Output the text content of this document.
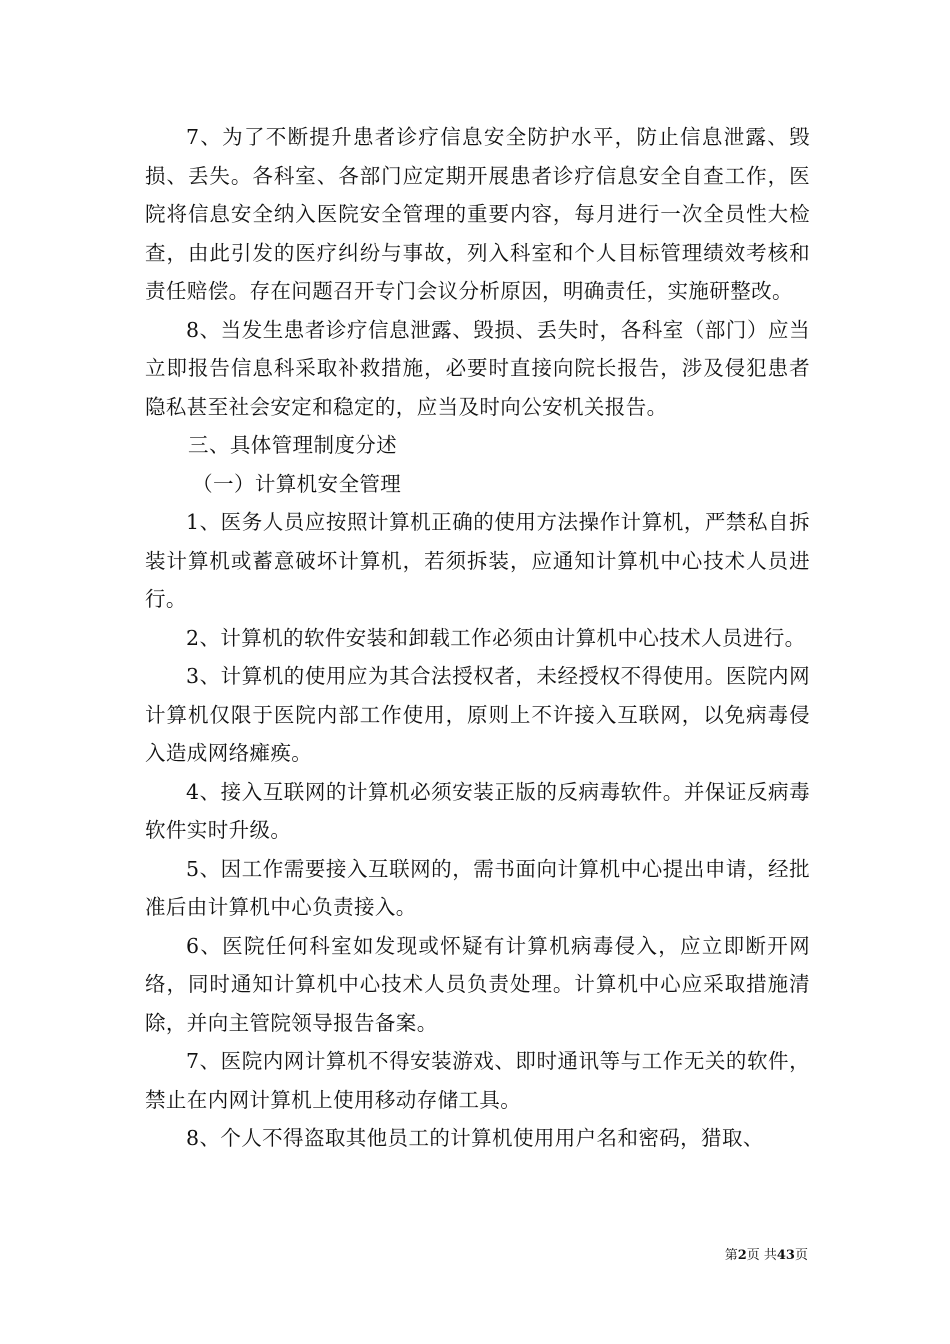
7、为了不断提升患者诊疗信息安全防护水平，防止信息泄露、毁损、丢失。各科室、各部门应定期开展患者诊疗信息安全自查工作，医院将信息安全纳入医院安全管理的重要内容，每月进行一次全员性大检查，由此引发的医疗纠纷与事故，列入科室和个人目标管理绩效考核和责任赔偿。存在问题召开专门会议分析原因，明确责任，实施研整改。

8、当发生患者诊疗信息泄露、毁损、丢失时，各科室（部门）应当立即报告信息科采取补救措施，必要时直接向院长报告，涉及侵犯患者隐私甚至社会安定和稳定的，应当及时向公安机关报告。

三、具体管理制度分述

（一）计算机安全管理

1、医务人员应按照计算机正确的使用方法操作计算机，严禁私自拆装计算机或蓄意破坏计算机，若须拆装，应通知计算机中心技术人员进行。

2、计算机的软件安装和卸载工作必须由计算机中心技术人员进行。

3、计算机的使用应为其合法授权者，未经授权不得使用。医院内网计算机仅限于医院内部工作使用，原则上不许接入互联网，以免病毒侵入造成网络瘫痪。

4、接入互联网的计算机必须安装正版的反病毒软件。并保证反病毒软件实时升级。

5、因工作需要接入互联网的，需书面向计算机中心提出申请，经批准后由计算机中心负责接入。

6、医院任何科室如发现或怀疑有计算机病毒侵入，应立即断开网络，同时通知计算机中心技术人员负责处理。计算机中心应采取措施清除，并向主管院领导报告备案。

7、医院内网计算机不得安装游戏、即时通讯等与工作无关的软件，禁止在内网计算机上使用移动存储工具。

8、个人不得盗取其他员工的计算机使用用户名和密码，猎取、

第2页 共43页
